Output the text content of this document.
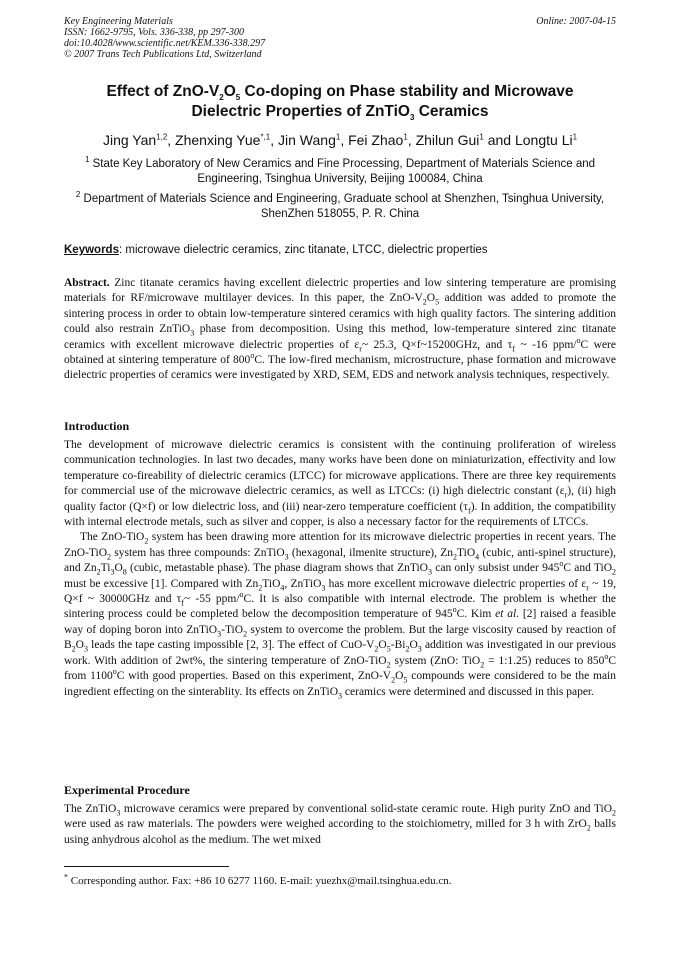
Key Engineering Materials
ISSN: 1662-9795, Vols. 336-338, pp 297-300
doi:10.4028/www.scientific.net/KEM.336-338.297
© 2007 Trans Tech Publications Ltd, Switzerland
Online: 2007-04-15
Effect of ZnO-$V_2O_5$ Co-doping on Phase stability and Microwave
Dielectric Properties of ZnTiO$_3$ Ceramics
Jing Yan$^{1,2}$, Zhenxing Yue$^{*,1}$, Jin Wang$^1$, Fei Zhao$^1$, Zhilun Gui$^1$ and Longtu Li$^1$
$^1$ State Key Laboratory of New Ceramics and Fine Processing, Department of Materials Science and Engineering, Tsinghua University, Beijing 100084, China
$^2$ Department of Materials Science and Engineering, Graduate school at Shenzhen, Tsinghua University, ShenZhen 518055, P. R. China
Keywords: microwave dielectric ceramics, zinc titanate, LTCC, dielectric properties
Abstract. Zinc titanate ceramics having excellent dielectric properties and low sintering temperature are promising materials for RF/microwave multilayer devices. In this paper, the ZnO-$V_2O_5$ addition was added to promote the sintering process in order to obtain low-temperature sintered ceramics with high quality factors. The sintering addition could also restrain ZnTiO$_3$ phase from decomposition. Using this method, low-temperature sintered zinc titanate ceramics with excellent microwave dielectric properties of $\varepsilon_r\sim$ 25.3, Q×f~15200GHz, and $\tau_f$ ~ -16 ppm/$^o$C were obtained at sintering temperature of 800$^o$C. The low-fired mechanism, microstructure, phase formation and microwave dielectric properties of ceramics were investigated by XRD, SEM, EDS and network analysis techniques, respectively.
Introduction
The development of microwave dielectric ceramics is consistent with the continuing proliferation of wireless communication technologies. In last two decades, many works have been done on miniaturization, effectivity and low temperature co-fireability of dielectric ceramics (LTCC) for microwave applications. There are three key requirements for commercial use of the microwave dielectric ceramics, as well as LTCCs: (i) high dielectric constant $(\varepsilon_r)$, (ii) high quality factor (Q×f) or low dielectric loss, and (iii) near-zero temperature coefficient $(\tau_f)$. In addition, the compatibility with internal electrode metals, such as silver and copper, is also a necessary factor for the requirements of LTCCs.
The ZnO-TiO$_2$ system has been drawing more attention for its microwave dielectric properties in recent years. The ZnO-TiO$_2$ system has three compounds: ZnTiO$_3$ (hexagonal, ilmenite structure), $Zn_2TiO_4$ (cubic, anti-spinel structure), and $Zn_2Ti_3O_8$ (cubic, metastable phase). The phase diagram shows that ZnTiO$_3$ can only subsist under 945$^o$C and TiO$_2$ must be excessive [1]. Compared with $Zn_2TiO_4$, ZnTiO$_3$ has more excellent microwave dielectric properties of $\varepsilon_r$ ~ 19, Q×f ~ 30000GHz and $\tau_f\sim$ -55 ppm/$^o$C. It is also compatible with internal electrode. The problem is whether the sintering process could be completed below the decomposition temperature of 945$^o$C. Kim et al. [2] raised a feasible way of doping boron into ZnTiO$_3$-TiO$_2$ system to overcome the problem. But the large viscosity caused by reaction of $B_2O_3$ leads the tape casting impossible [2, 3]. The effect of CuO-$V_2O_5-Bi_2O_3$ addition was investigated in our previous work. With addition of 2wt%, the sintering temperature of ZnO-TiO$_2$ system (ZnO: TiO$_2$ = 1:1.25) reduces to 850$^o$C from 1100$^o$C with good properties. Based on this experiment, ZnO-$V_2O_5$ compounds were considered to be the main ingredient effecting on the sinterablity. Its effects on ZnTiO$_3$ ceramics were determined and discussed in this paper.
Experimental Procedure
The ZnTiO$_3$ microwave ceramics were prepared by conventional solid-state ceramic route. High purity ZnO and TiO$_2$ were used as raw materials. The powders were weighed according to the stoichiometry, milled for 3 h with ZrO$_2$ balls using anhydrous alcohol as the medium. The wet mixed
* Corresponding author. Fax: +86 10 6277 1160. E-mail: yuezhx@mail.tsinghua.edu.cn.
